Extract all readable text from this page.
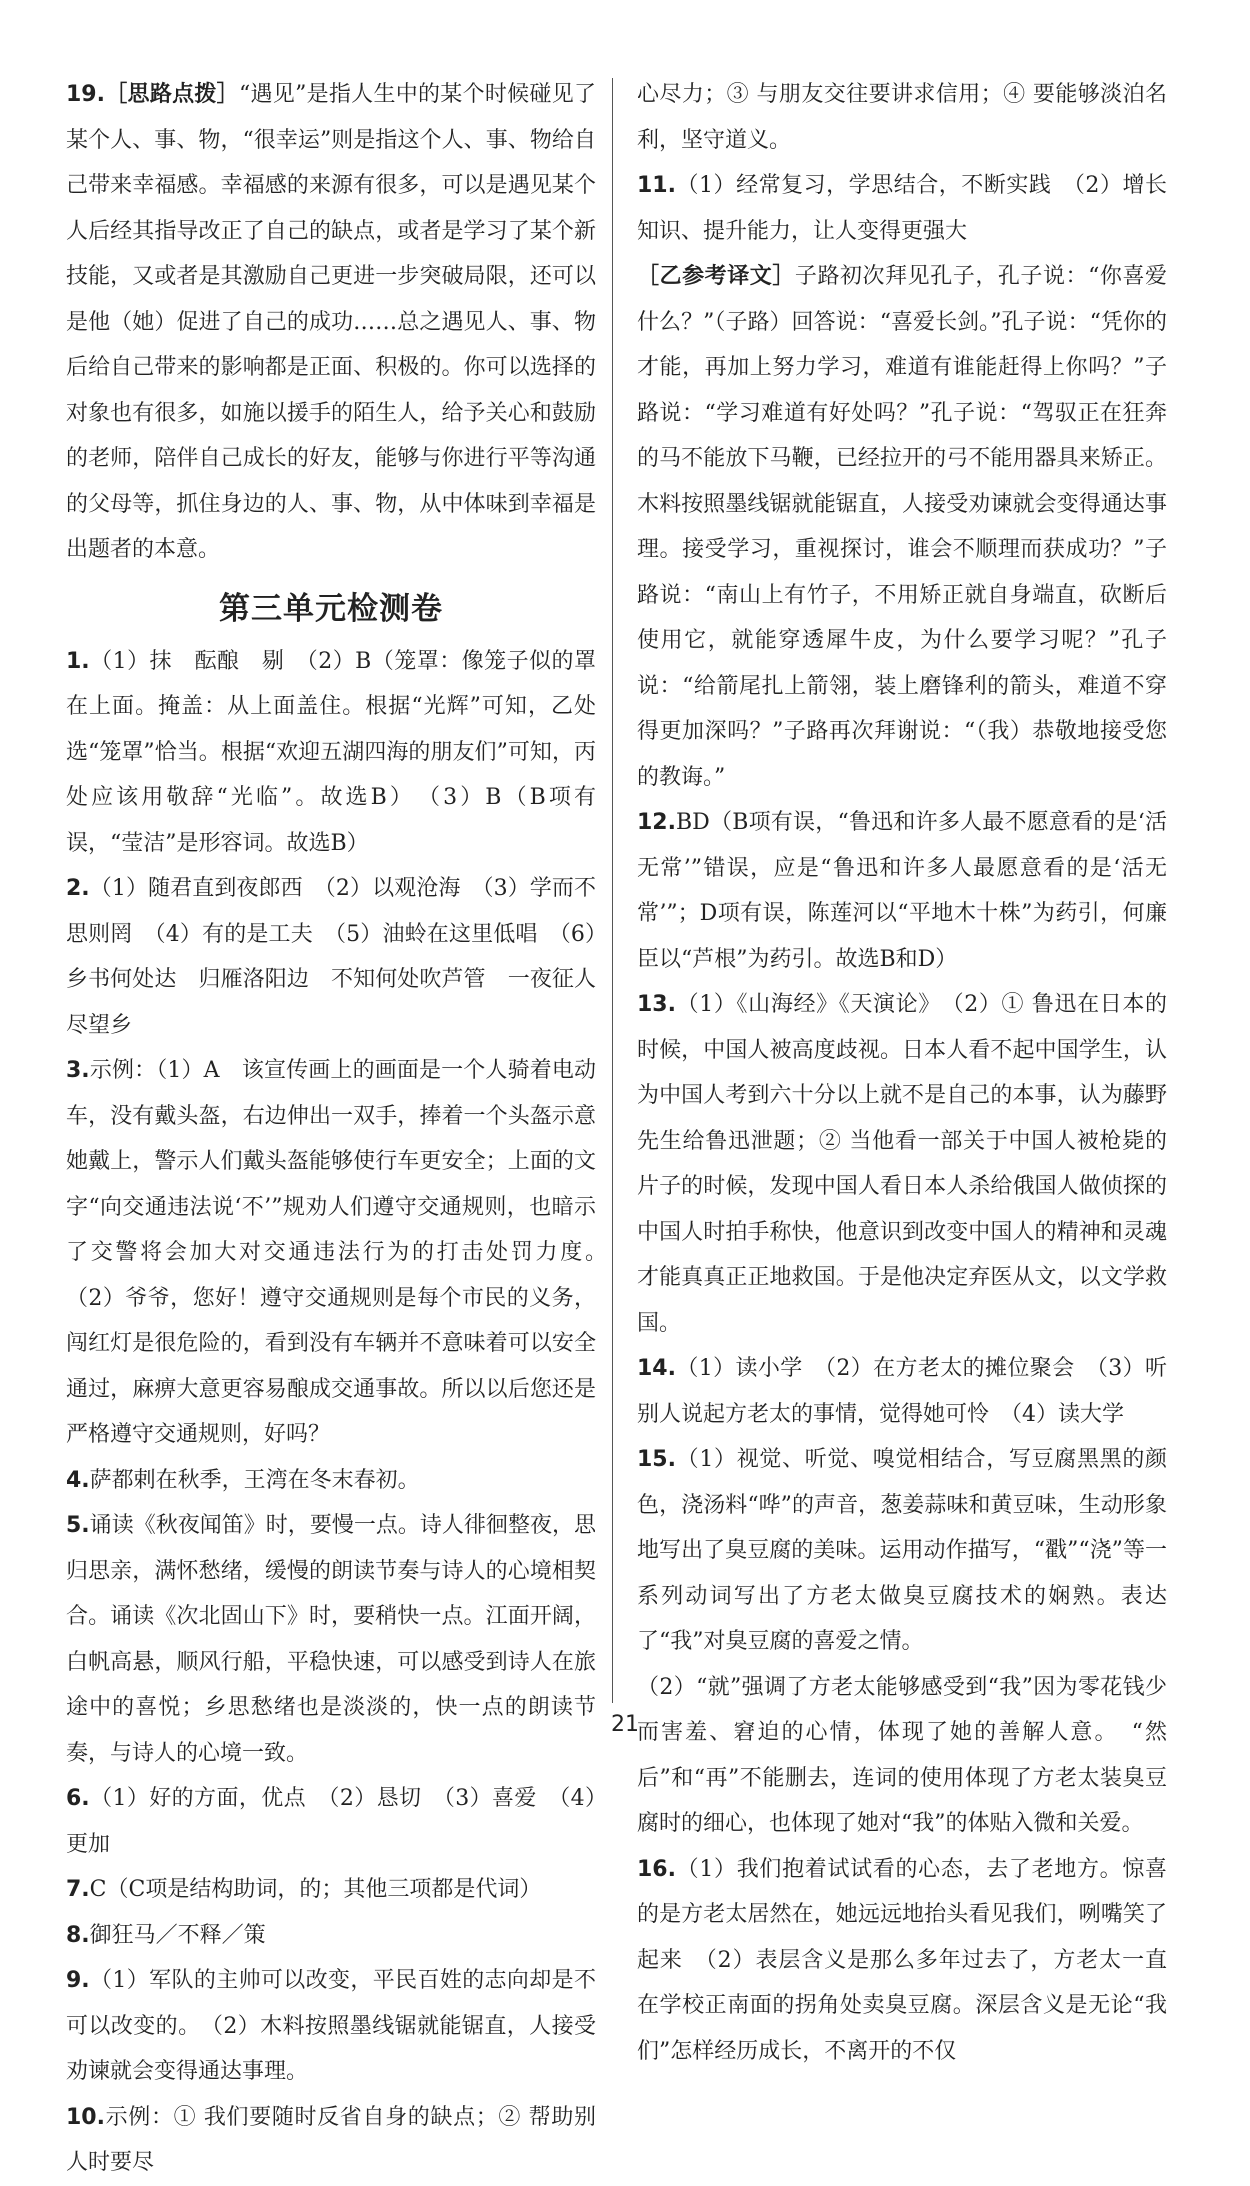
19.［思路点拨］“遇见”是指人生中的某个时候碰见了某个人、事、物，“很幸运”则是指这个人、事、物给自己带来幸福感。幸福感的来源有很多，可以是遇见某个人后经其指导改正了自己的缺点，或者是学习了某个新技能，又或者是其激励自己更进一步突破局限，还可以是他（她）促进了自己的成功……总之遇见人、事、物后给自己带来的影响都是正面、积极的。你可以选择的对象也有很多，如施以援手的陌生人，给予关心和鼓励的老师，陪伴自己成长的好友，能够与你进行平等沟通的父母等，抓住身边的人、事、物，从中体味到幸福是出题者的本意。

第三单元检测卷

1.（1）抹　酝酿　剔　（2）B（笼罩：像笼子似的罩在上面。掩盖：从上面盖住。根据“光辉”可知，乙处选“笼罩”恰当。根据“欢迎五湖四海的朋友们”可知，丙处应该用敬辞“光临”。故选B）　（3）B（B项有误，“莹洁”是形容词。故选B）

2.（1）随君直到夜郎西　（2）以观沧海　（3）学而不思则罔　（4）有的是工夫　（5）油蛉在这里低唱　（6）乡书何处达　归雁洛阳边　不知何处吹芦管　一夜征人尽望乡

3.示例：（1）A　该宣传画上的画面是一个人骑着电动车，没有戴头盔，右边伸出一双手，捧着一个头盔示意她戴上，警示人们戴头盔能够使行车更安全；上面的文字“向交通违法说‘不’”规劝人们遵守交通规则，也暗示了交警将会加大对交通违法行为的打击处罚力度。　（2）爷爷，您好！遵守交通规则是每个市民的义务，闯红灯是很危险的，看到没有车辆并不意味着可以安全通过，麻痹大意更容易酿成交通事故。所以以后您还是严格遵守交通规则，好吗？

4.萨都剌在秋季，王湾在冬末春初。

5.诵读《秋夜闻笛》时，要慢一点。诗人徘徊整夜，思归思亲，满怀愁绪，缓慢的朗读节奏与诗人的心境相契合。诵读《次北固山下》时，要稍快一点。江面开阔，白帆高悬，顺风行船，平稳快速，可以感受到诗人在旅途中的喜悦；乡思愁绪也是淡淡的，快一点的朗读节奏，与诗人的心境一致。

6.（1）好的方面，优点　（2）恳切　（3）喜爱　（4）更加

7.C（C项是结构助词，的；其他三项都是代词）

8.御狂马／不释／策

9.（1）军队的主帅可以改变，平民百姓的志向却是不可以改变的。　（2）木料按照墨线锯就能锯直，人接受劝谏就会变得通达事理。

10.示例：① 我们要随时反省自身的缺点；② 帮助别人时要尽

心尽力；③ 与朋友交往要讲求信用；④ 要能够淡泊名利，坚守道义。

11.（1）经常复习，学思结合，不断实践　（2）增长知识、提升能力，让人变得更强大

［乙参考译文］子路初次拜见孔子，孔子说：“你喜爱什么？”（子路）回答说：“喜爱长剑。”孔子说：“凭你的才能，再加上努力学习，难道有谁能赶得上你吗？”子路说：“学习难道有好处吗？”孔子说：“驾驭正在狂奔的马不能放下马鞭，已经拉开的弓不能用器具来矫正。木料按照墨线锯就能锯直，人接受劝谏就会变得通达事理。接受学习，重视探讨，谁会不顺理而获成功？”子路说：“南山上有竹子，不用矫正就自身端直，砍断后使用它，就能穿透犀牛皮，为什么要学习呢？”孔子说：“给箭尾扎上箭翎，装上磨锋利的箭头，难道不穿得更加深吗？”子路再次拜谢说：“（我）恭敬地接受您的教诲。”

12.BD（B项有误，“鲁迅和许多人最不愿意看的是‘活无常’”错误，应是“鲁迅和许多人最愿意看的是‘活无常’”；D项有误，陈莲河以“平地木十株”为药引，何廉臣以“芦根”为药引。故选B和D）

13.（1）《山海经》《天演论》　（2）① 鲁迅在日本的时候，中国人被高度歧视。日本人看不起中国学生，认为中国人考到六十分以上就不是自己的本事，认为藤野先生给鲁迅泄题；② 当他看一部关于中国人被枪毙的片子的时候，发现中国人看日本人杀给俄国人做侦探的中国人时拍手称快，他意识到改变中国人的精神和灵魂才能真真正正地救国。于是他决定弃医从文，以文学救国。

14.（1）读小学　（2）在方老太的摊位聚会　（3）听别人说起方老太的事情，觉得她可怜　（4）读大学

15.（1）视觉、听觉、嗅觉相结合，写豆腐黑黑的颜色，浇汤料“哗”的声音，葱姜蒜味和黄豆味，生动形象地写出了臭豆腐的美味。运用动作描写，“戳”“浇”等一系列动词写出了方老太做臭豆腐技术的娴熟。表达了“我”对臭豆腐的喜爱之情。

（2）“就”强调了方老太能够感受到“我”因为零花钱少而害羞、窘迫的心情，体现了她的善解人意。　“然后”和“再”不能删去，连词的使用体现了方老太装臭豆腐时的细心，也体现了她对“我”的体贴入微和关爱。

16.（1）我们抱着试试看的心态，去了老地方。惊喜的是方老太居然在，她远远地抬头看见我们，咧嘴笑了起来　（2）表层含义是那么多年过去了，方老太一直在学校正南面的拐角处卖臭豆腐。深层含义是无论“我们”怎样经历成长，不离开的不仅

21
